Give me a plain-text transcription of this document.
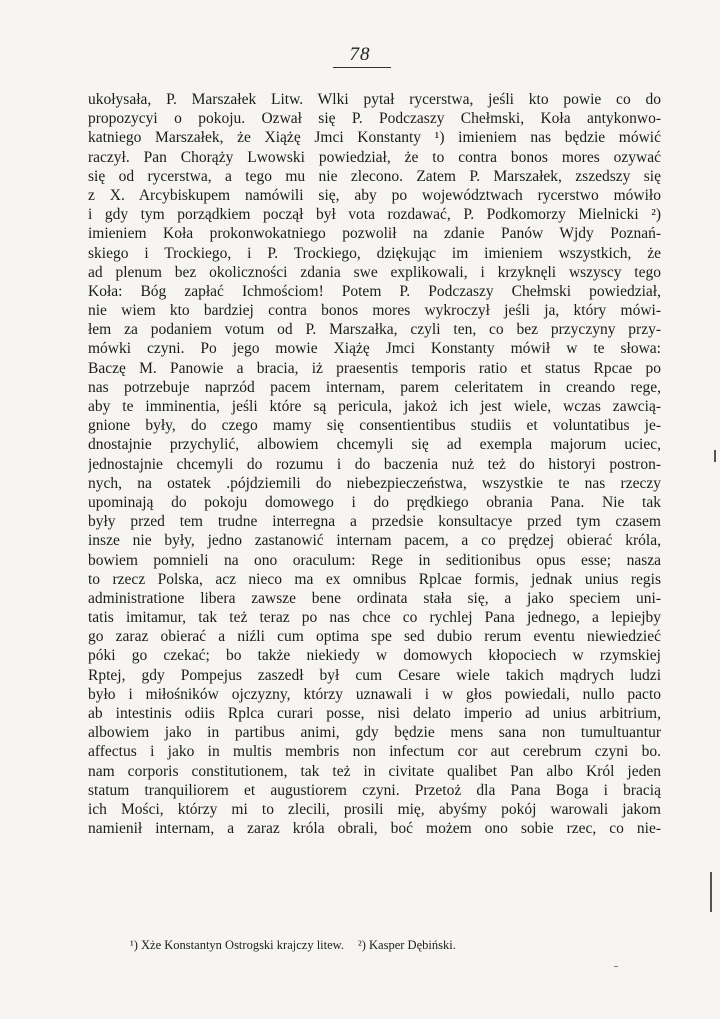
78
ukołysała, P. Marszałek Litw. Wlki pytał rycerstwa, jeśli kto powie co do
propozycyi o pokoju. Ozwał się P. Podczaszy Chełmski, Koła antykonwo-
katniego Marszałek, że Xiążę Jmci Konstanty ¹) imieniem nas będzie mówić
raczył. Pan Chorąży Lwowski powiedział, że to contra bonos mores ozywać
się od rycerstwa, a tego mu nie zlecono. Zatem P. Marszałek, zszedszy się
z X. Arcybiskupem namówili się, aby po województwach rycerstwo mówiło
i gdy tym porządkiem począł był vota rozdawać, P. Podkomorzy Mielnicki ²)
imieniem Koła prokonwokatniego pozwolił na zdanie Panów Wjdy Poznań-
skiego i Trockiego, i P. Trockiego, dziękując im imieniem wszystkich, że
ad plenum bez okoliczności zdania swe explikowali, i krzyknęli wszyscy tego
Koła: Bóg zapłać Ichmościom! Potem P. Podczaszy Chełmski powiedział,
nie wiem kto bardziej contra bonos mores wykroczył jeśli ja, który mówi-
łem za podaniem votum od P. Marszałka, czyli ten, co bez przyczyny przy-
mówki czyni. Po jego mowie Xiążę Jmci Konstanty mówił w te słowa:
Baczę M. Panowie a bracia, iż praesentis temporis ratio et status Rpcae po
nas potrzebuje naprzód pacem internam, parem celeritatem in creando rege,
aby te imminentia, jeśli które są pericula, jakoż ich jest wiele, wczas zawcią-
gnione były, do czego mamy się consentientibus studiis et voluntatibus je-
dnostajnie przychylić, albowiem chcemyli się ad exempla majorum uciec,
jednostajnie chcemyli do rozumu i do baczenia nuż też do historyi postron-
nych, na ostatek .pójdziemili do niebezpieczeństwa, wszystkie te nas rzeczy
upominają do pokoju domowego i do prędkiego obrania Pana. Nie tak
były przed tem trudne interregna a przedsie konsultacye przed tym czasem
insze nie były, jedno zastanowić internam pacem, a co prędzej obierać króla,
bowiem pomnieli na ono oraculum: Rege in seditionibus opus esse; nasza
to rzecz Polska, acz nieco ma ex omnibus Rplcae formis, jednak unius regis
administratione libera zawsze bene ordinata stała się, a jako speciem uni-
tatis imitamur, tak też teraz po nas chce co rychlej Pana jednego, a lepiejby
go zaraz obierać a niźli cum optima spe sed dubio rerum eventu niewiedzieć
póki go czekać; bo także niekiedy w domowych kłopociech w rzymskiej
Rptej, gdy Pompejus zaszedł był cum Cesare wiele takich mądrych ludzi
było i miłośników ojczyzny, którzy uznawali i w głos powiedali, nullo pacto
ab intestinis odiis Rplca curari posse, nisi delato imperio ad unius arbitrium,
albowiem jako in partibus animi, gdy będzie mens sana non tumultuantur
affectus i jako in multis membris non infectum cor aut cerebrum czyni bo.
nam corporis constitutionem, tak też in civitate qualibet Pan albo Król jeden
statum tranquiliorem et augustiorem czyni. Przetoż dla Pana Boga i bracią
ich Mości, którzy mi to zlecili, prosili mię, abyśmy pokój warowali jakom
namienił internam, a zaraz króla obrali, boć możem ono sobie rzec, co nie-
¹) Xże Konstantyn Ostrogski krajczy litew. ²) Kasper Dębiński.
